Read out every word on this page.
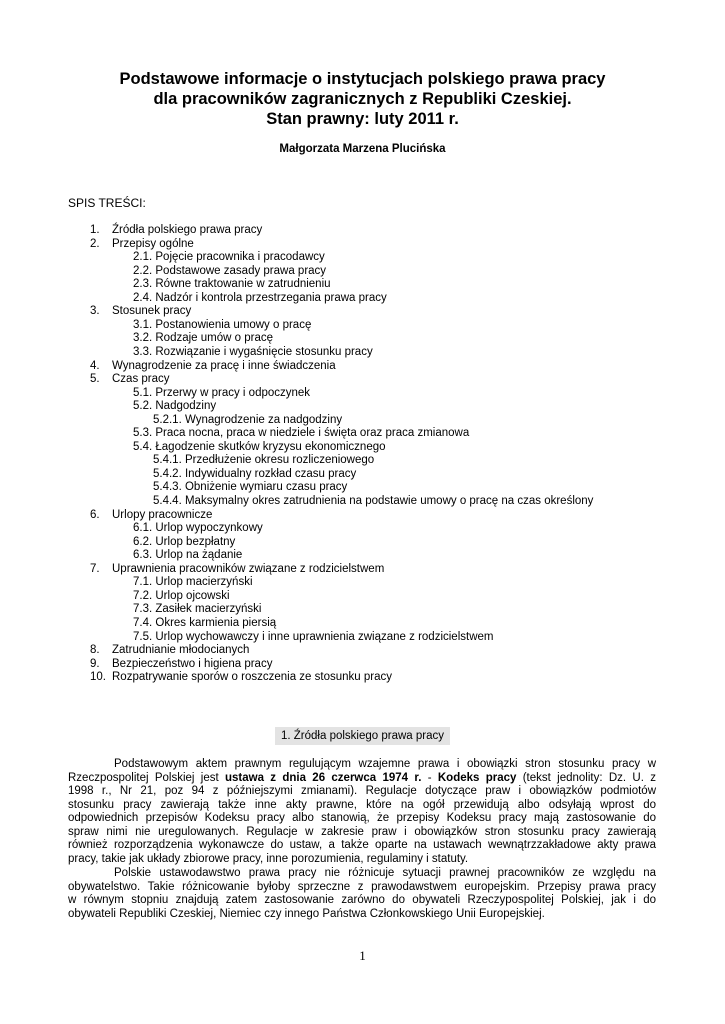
Podstawowe informacje o instytucjach polskiego prawa pracy
dla pracowników zagranicznych z Republiki Czeskiej.
Stan prawny: luty 2011 r.
Małgorzata Marzena Plucińska
SPIS TREŚCI:
1. Źródła polskiego prawa pracy
2. Przepisy ogólne
2.1. Pojęcie pracownika i pracodawcy
2.2. Podstawowe zasady prawa pracy
2.3. Równe traktowanie w zatrudnieniu
2.4. Nadzór i kontrola przestrzegania prawa pracy
3. Stosunek pracy
3.1. Postanowienia umowy o pracę
3.2. Rodzaje umów o pracę
3.3. Rozwiązanie i wygaśnięcie stosunku pracy
4. Wynagrodzenie za pracę i inne świadczenia
5. Czas pracy
5.1. Przerwy w pracy i odpoczynek
5.2. Nadgodziny
5.2.1. Wynagrodzenie za nadgodziny
5.3. Praca nocna, praca w niedziele i święta oraz praca zmianowa
5.4. Łagodzenie skutków kryzysu ekonomicznego
5.4.1. Przedłużenie okresu rozliczeniowego
5.4.2. Indywidualny rozkład czasu pracy
5.4.3. Obniżenie wymiaru czasu pracy
5.4.4. Maksymalny okres zatrudnienia na podstawie umowy o pracę na czas określony
6. Urlopy pracownicze
6.1. Urlop wypoczynkowy
6.2. Urlop bezpłatny
6.3. Urlop na żądanie
7. Uprawnienia pracowników związane z rodzicielstwem
7.1. Urlop macierzyński
7.2. Urlop ojcowski
7.3. Zasiłek macierzyński
7.4. Okres karmienia piersią
7.5. Urlop wychowawczy i inne uprawnienia związane z rodzicielstwem
8. Zatrudnianie młodocianych
9. Bezpieczeństwo i higiena pracy
10. Rozpatrywanie sporów o roszczenia ze stosunku pracy
1. Źródła polskiego prawa pracy
Podstawowym aktem prawnym regulującym wzajemne prawa i obowiązki stron stosunku pracy w
Rzeczpospolitej Polskiej jest ustawa z dnia 26 czerwca 1974 r. - Kodeks pracy (tekst jednolity: Dz. U. z
1998 r., Nr 21, poz 94 z późniejszymi zmianami). Regulacje dotyczące praw i obowiązków podmiotów
stosunku pracy zawierają także inne akty prawne, które na ogół przewidują albo odsyłają wprost do
odpowiednich przepisów Kodeksu pracy albo stanowią, że przepisy Kodeksu pracy mają zastosowanie do
spraw nimi nie uregulowanych. Regulacje w zakresie praw i obowiązków stron stosunku pracy zawierają
również rozporządzenia wykonawcze do ustaw, a także oparte na ustawach wewnątrzzakładowe akty prawa
pracy, takie jak układy zbiorowe pracy, inne porozumienia, regulaminy i statuty.
Polskie ustawodawstwo prawa pracy nie różnicuje sytuacji prawnej pracowników ze względu na
obywatelstwo. Takie różnicowanie byłoby sprzeczne z prawodawstwem europejskim. Przepisy prawa pracy
w równym stopniu znajdują zatem zastosowanie zarówno do obywateli Rzeczypospolitej Polskiej, jak i do
obywateli Republiki Czeskiej, Niemiec czy innego Państwa Członkowskiego Unii Europejskiej.
1
